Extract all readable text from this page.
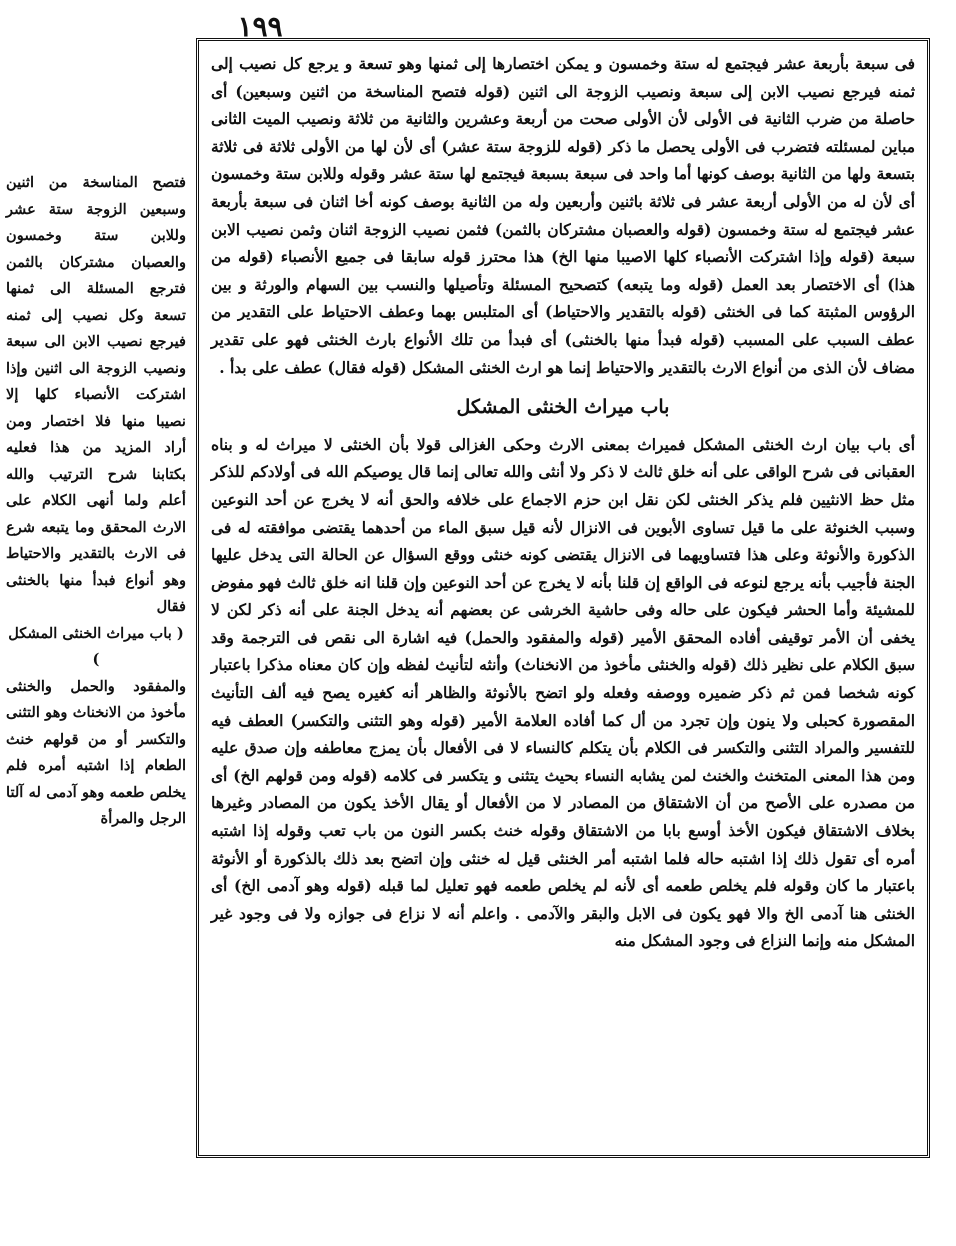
١٩٩

فتصح المناسخة من اثنين وسبعين الزوجة ستة عشر وللابن ستة وخمسون والعصبان مشتركان بالثمن فترجع المسئلة الى ثمنها تسعة وكل نصيب إلى ثمنه فيرجع نصيب الابن الى سبعة ونصيب الزوجة الى اثنين وإذا اشتركت الأنصباء كلها إلا نصيبا منها فلا اختصار ومن أراد المزيد من هذا فعليه بكتابنا شرح الترتيب والله أعلم ولما أنهى الكلام على الارث المحقق وما يتبعه شرع فى الارث بالتقدير والاحتياط وهو أنواع فبدأ منها بالخنثى فقال

( باب ميراث الخنثى المشكل )

والمفقود والحمل والخنثى مأخوذ من الانخناث وهو التثنى والتكسر أو من قولهم خنث الطعام إذا اشتبه أمره فلم يخلص طعمه وهو آدمى له آلتا الرجل والمرأة

فى سبعة بأربعة عشر فيجتمع له ستة وخمسون و يمكن اختصارها إلى ثمنها وهو تسعة و يرجع كل نصيب إلى ثمنه فيرجع نصيب الابن إلى سبعة ونصيب الزوجة الى اثنين (قوله فتصح المناسخة من اثنين وسبعين) أى حاصلة من ضرب الثانية فى الأولى لأن الأولى صحت من أربعة وعشرين والثانية من ثلاثة ونصيب الميت الثانى مباين لمسئلته فتضرب فى الأولى يحصل ما ذكر (قوله للزوجة ستة عشر) أى لأن لها من الأولى ثلاثة فى ثلاثة بتسعة ولها من الثانية بوصف كونها أما واحد فى سبعة بسبعة فيجتمع لها ستة عشر وقوله وللابن ستة وخمسون أى لأن له من الأولى أربعة عشر فى ثلاثة باثنين وأربعين وله من الثانية بوصف كونه أخا اثنان فى سبعة بأربعة عشر فيجتمع له ستة وخمسون (قوله والعصبان مشتركان بالثمن) فثمن نصيب الزوجة اثنان وثمن نصيب الابن سبعة (قوله وإذا اشتركت الأنصباء كلها الاصيبا منها الخ) هذا محترز قوله سابقا فى جميع الأنصباء (قوله من هذا) أى الاختصار بعد العمل (قوله وما يتبعه) كتصحيح المسئلة وتأصيلها والنسب بين السهام والورثة و بين الرؤوس المثبتة كما فى الخنثى (قوله بالتقدير والاحتياط) أى المتلبس بهما وعطف الاحتياط على التقدير من عطف السبب على المسبب (قوله فبدأ منها بالخنثى) أى فبدأ من تلك الأنواع بارث الخنثى فهو على تقدير مضاف لأن الذى من أنواع الارث بالتقدير والاحتياط إنما هو ارث الخنثى المشكل (قوله فقال) عطف على بدأ .

باب ميراث الخنثى المشكل

أى باب بيان ارث الخنثى المشكل فميراث بمعنى الارث وحكى الغزالى قولا بأن الخنثى لا ميراث له و بناه العقبانى فى شرح الواقى على أنه خلق ثالث لا ذكر ولا أنثى والله تعالى إنما قال يوصيكم الله فى أولادكم للذكر مثل حظ الانثيين فلم يذكر الخنثى لكن نقل ابن حزم الاجماع على خلافه والحق أنه لا يخرج عن أحد النوعين وسبب الخنوثة على ما قيل تساوى الأبوين فى الانزال لأنه قيل سبق الماء من أحدهما يقتضى موافقته له فى الذكورة والأنوثة وعلى هذا فتساويهما فى الانزال يقتضى كونه خنثى ووقع السؤال عن الحالة التى يدخل عليها الجنة فأجيب بأنه يرجع لنوعه فى الواقع إن قلنا بأنه لا يخرج عن أحد النوعين وإن قلنا انه خلق ثالث فهو مفوض للمشيئة وأما الحشر فيكون على حاله وفى حاشية الخرشى عن بعضهم أنه يدخل الجنة على أنه ذكر لكن لا يخفى أن الأمر توقيفى أفاده المحقق الأمير (قوله والمفقود والحمل) فيه اشارة الى نقص فى الترجمة وقد سبق الكلام على نظير ذلك (قوله والخنثى مأخوذ من الانخناث) وأنثه لتأنيث لفظه وإن كان معناه مذكرا باعتبار كونه شخصا فمن ثم ذكر ضميره ووصفه وفعله ولو اتضح بالأنوثة والظاهر أنه كغيره يصح فيه ألف التأنيث المقصورة كحبلى ولا ينون وإن تجرد من أل كما أفاده العلامة الأمير (قوله وهو التثنى والتكسر) العطف فيه للتفسير والمراد التثنى والتكسر فى الكلام بأن يتكلم كالنساء لا فى الأفعال بأن يمزج معاطفه وإن صدق عليه ومن هذا المعنى المتخنث والخنث لمن يشابه النساء بحيث يتثنى و يتكسر فى كلامه (قوله ومن قولهم الخ) أى من مصدره على الأصح من أن الاشتقاق من المصادر لا من الأفعال أو يقال الأخذ يكون من المصادر وغيرها بخلاف الاشتقاق فيكون الأخذ أوسع بابا من الاشتقاق وقوله خنث بكسر النون من باب تعب وقوله إذا اشتبه أمره أى تقول ذلك إذا اشتبه حاله فلما اشتبه أمر الخنثى قيل له خنثى وإن اتضح بعد ذلك بالذكورة أو الأنوثة باعتبار ما كان وقوله فلم يخلص طعمه أى لأنه لم يخلص طعمه فهو تعليل لما قبله (قوله وهو آدمى الخ) أى الخنثى هنا آدمى الخ والا فهو يكون فى الابل والبقر والآدمى . واعلم أنه لا نزاع فى جوازه ولا فى وجود غير المشكل منه وإنما النزاع فى وجود المشكل منه
